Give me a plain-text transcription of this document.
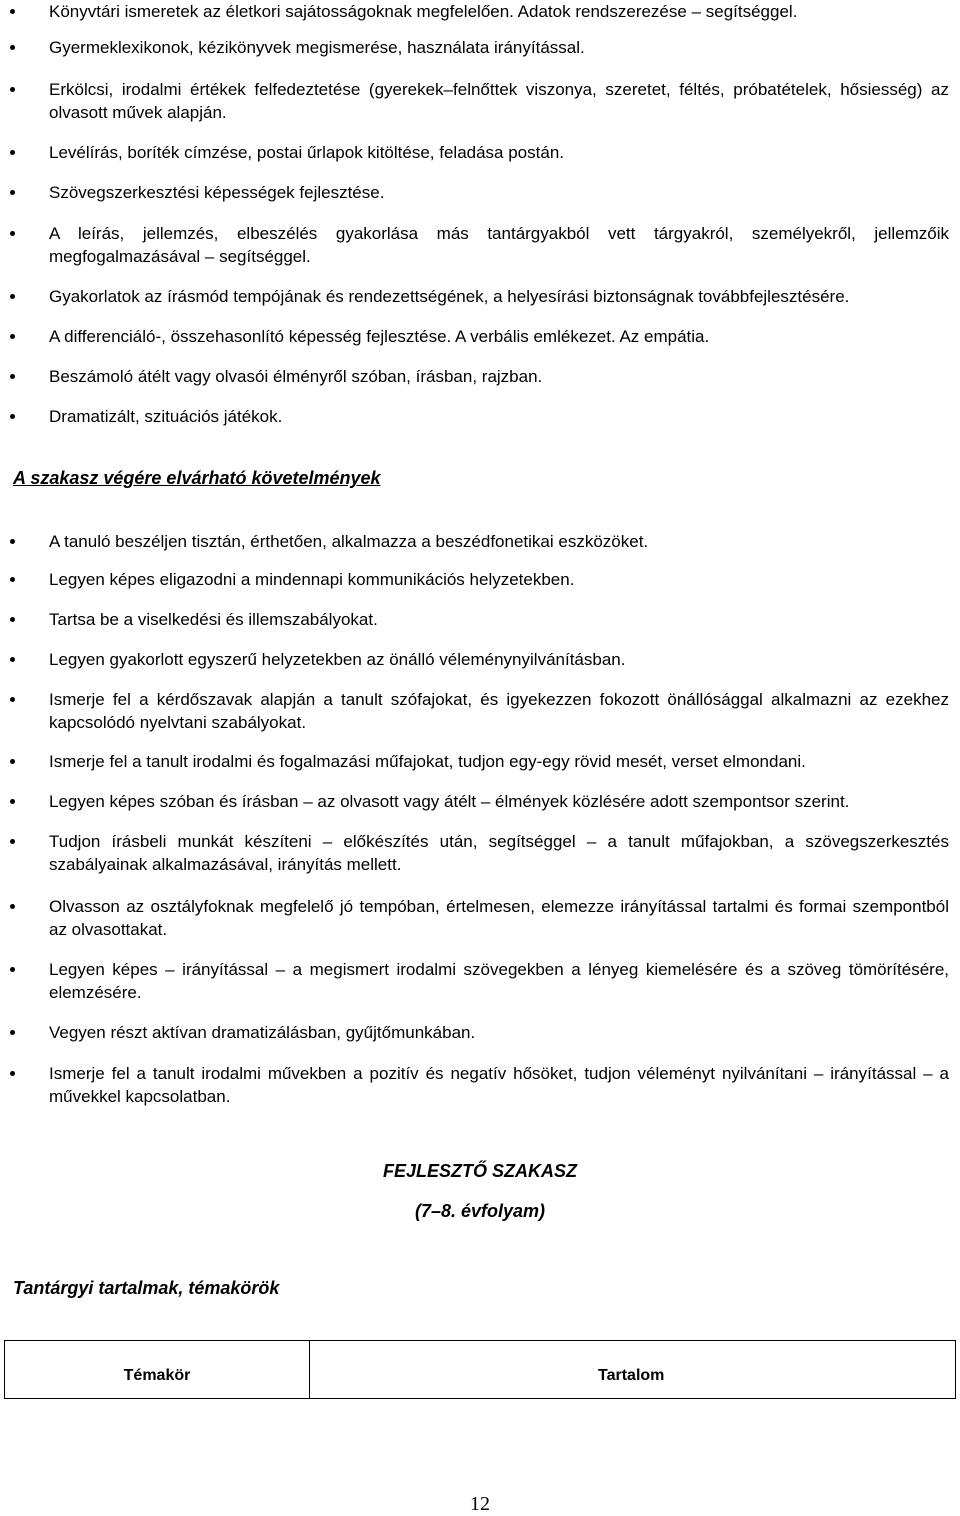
Könyvtári ismeretek az életkori sajátosságoknak megfelelően. Adatok rendszerezése – segítséggel.
Gyermeklexikonok, kézikönyvek megismerése, használata irányítással.
Erkölcsi, irodalmi értékek felfedeztetése (gyerekek–felnőttek viszonya, szeretet, féltés, próbatételek, hősiesség) az olvasott művek alapján.
Levélírás, boríték címzése, postai űrlapok kitöltése, feladása postán.
Szövegszerkesztési képességek fejlesztése.
A leírás, jellemzés, elbeszélés gyakorlása más tantárgyakból vett tárgyakról, személyekről, jellemzőik megfogalmazásával – segítséggel.
Gyakorlatok az írásmód tempójának és rendezettségének, a helyesírási biztonságnak továbbfejlesztésére.
A differenciáló-, összehasonlító képesség fejlesztése. A verbális emlékezet. Az empátia.
Beszámoló átélt vagy olvasói élményről szóban, írásban, rajzban.
Dramatizált, szituációs játékok.
A szakasz végére elvárható követelmények
A tanuló beszéljen tisztán, érthetően, alkalmazza a beszédfonetikai eszközöket.
Legyen képes eligazodni a mindennapi kommunikációs helyzetekben.
Tartsa be a viselkedési és illemszabályokat.
Legyen gyakorlott egyszerű helyzetekben az önálló véleménynyilvánításban.
Ismerje fel a kérdőszavak alapján a tanult szófajokat, és igyekezzen fokozott önállósággal alkalmazni az ezekhez kapcsolódó nyelvtani szabályokat.
Ismerje fel a tanult irodalmi és fogalmazási műfajokat, tudjon egy-egy rövid mesét, verset elmondani.
Legyen képes szóban és írásban – az olvasott vagy átélt – élmények közlésére adott szempontsor szerint.
Tudjon írásbeli munkát készíteni – előkészítés után, segítséggel – a tanult műfajokban, a szövegszerkesztés szabályainak alkalmazásával, irányítás mellett.
Olvasson az osztályfoknak megfelelő jó tempóban, értelmesen, elemezze irányítással tartalmi és formai szempontból az olvasottakat.
Legyen képes – irányítással – a megismert irodalmi szövegekben a lényeg kiemelésére és a szöveg tömörítésére, elemzésére.
Vegyen részt aktívan dramatizálásban, gyűjtőmunkában.
Ismerje fel a tanult irodalmi művekben a pozitív és negatív hősöket, tudjon véleményt nyilvánítani – irányítással – a művekkel kapcsolatban.
FEJLESZTŐ SZAKASZ
(7–8. évfolyam)
Tantárgyi tartalmak, témakörök
Témakör	Tartalom
12
